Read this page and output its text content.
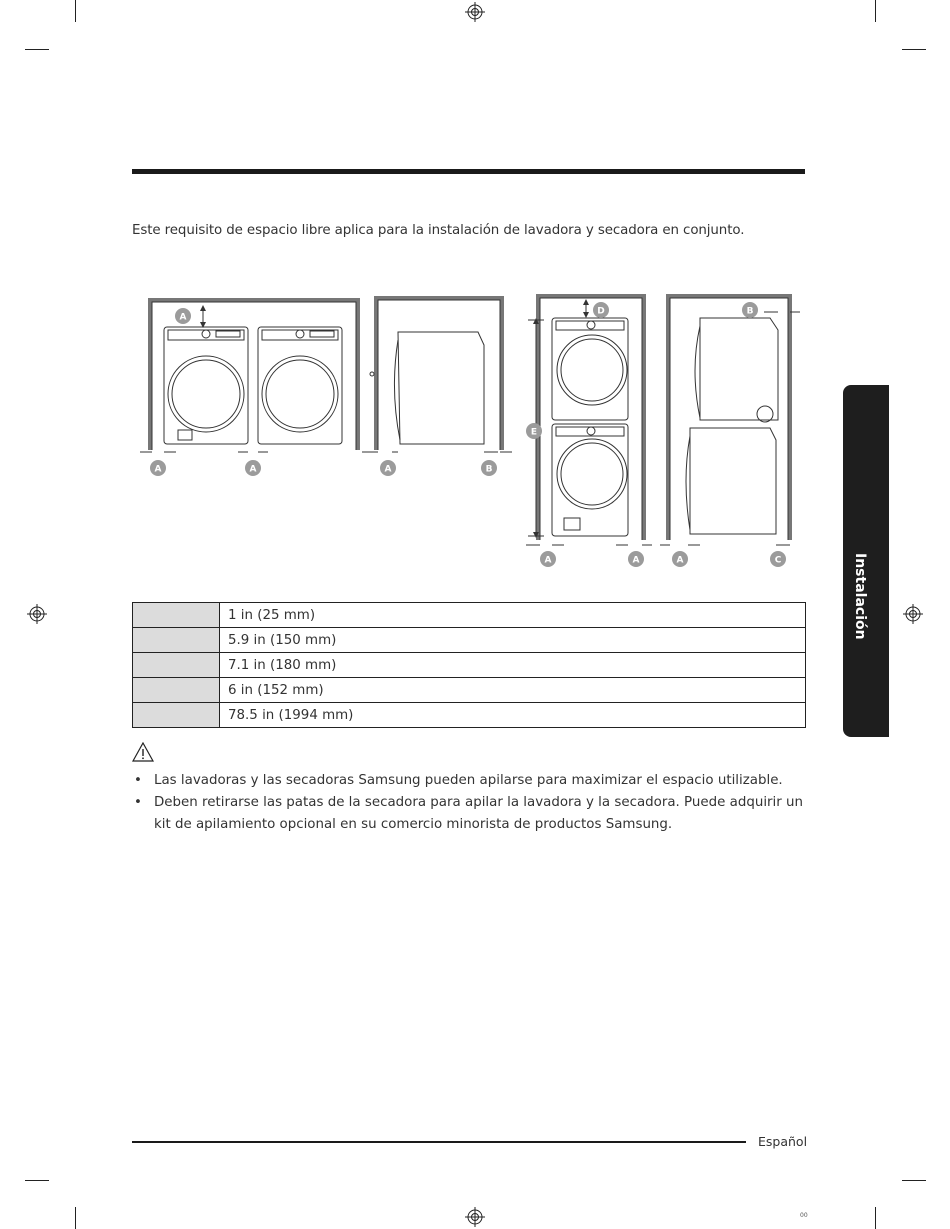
Este requisito de espacio libre aplica para la instalación de lavadora y secadora en conjunto.
A
A	A	A	B
D
E
B
A	A	A	C
	1 in (25 mm)
	5.9 in (150 mm)
	7.1 in (180 mm)
	6 in (152 mm)
	78.5 in (1994 mm)
• Las lavadoras y las secadoras Samsung pueden apilarse para maximizar el espacio utilizable.
• Deben retirarse las patas de la secadora para apilar la lavadora y la secadora. Puede adquirir un kit de apilamiento opcional en su comercio minorista de productos Samsung.
Español
00
